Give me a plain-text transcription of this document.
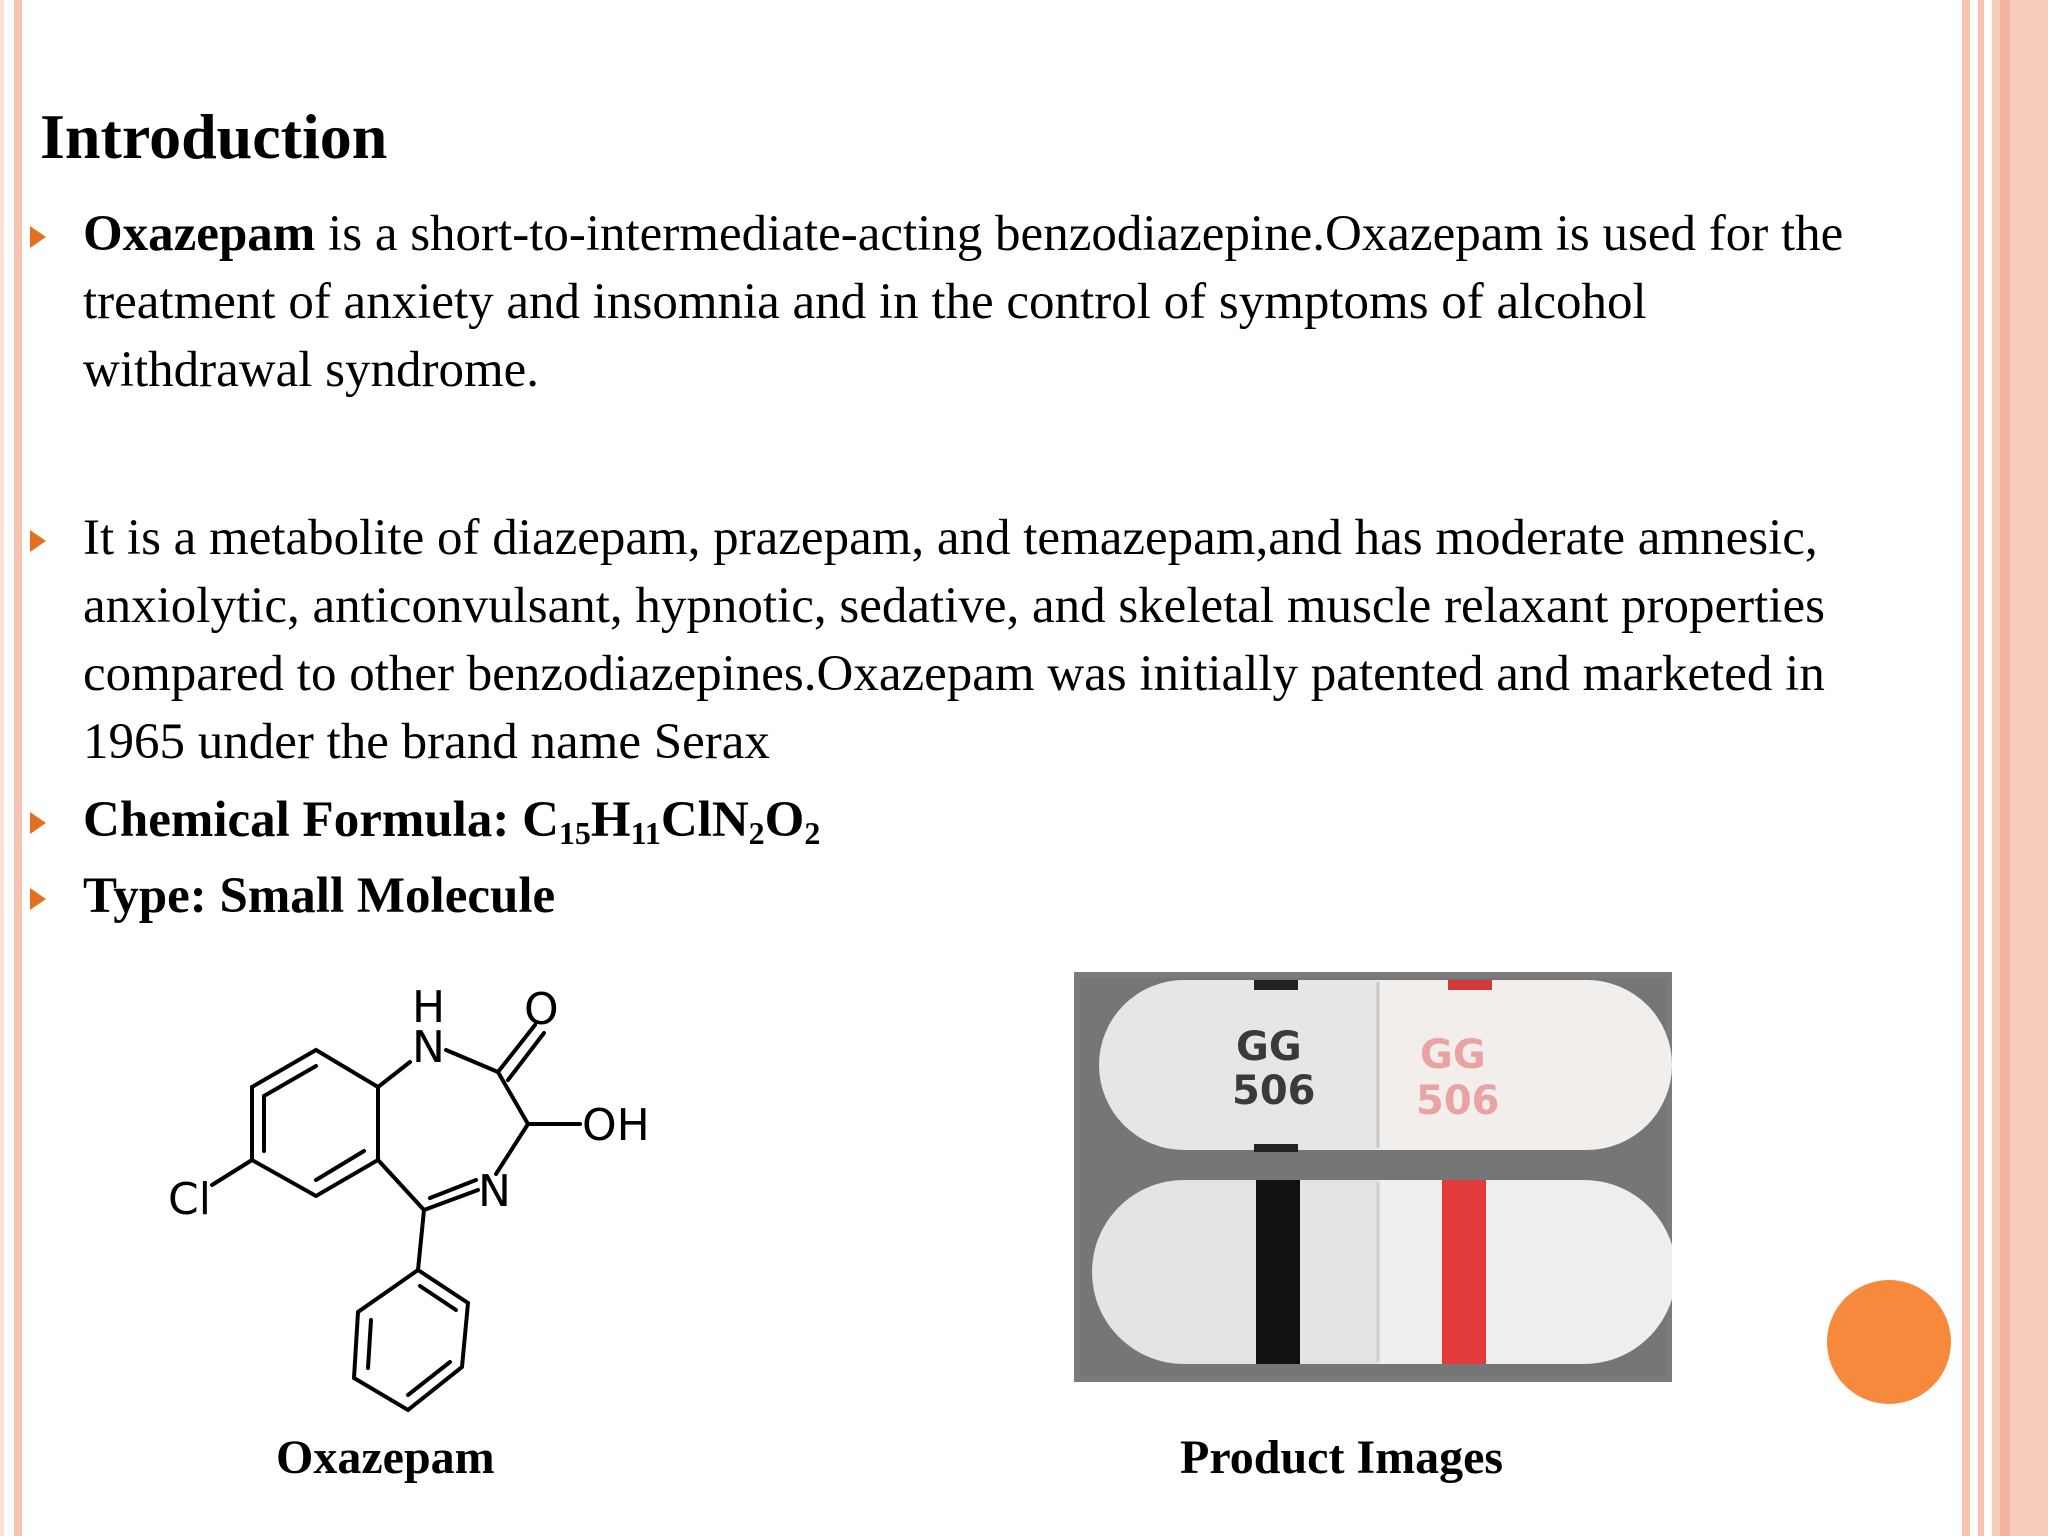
Introduction
Oxazepam is a short-to-intermediate-acting benzodiazepine.Oxazepam is used for the treatment of anxiety and insomnia and in the control of symptoms of alcohol withdrawal syndrome.
It is a metabolite of diazepam, prazepam, and temazepam,and has moderate amnesic, anxiolytic, anticonvulsant, hypnotic, sedative, and skeletal muscle relaxant properties compared to other benzodiazepines.Oxazepam was initially patented and marketed in 1965 under the brand name Serax
Chemical Formula: $C_{15}H_{11}ClN_2O_2$
Type: Small Molecule
H
N
O
OH
N
Cl
GG
506
GG
506
Oxazepam	Product Images
